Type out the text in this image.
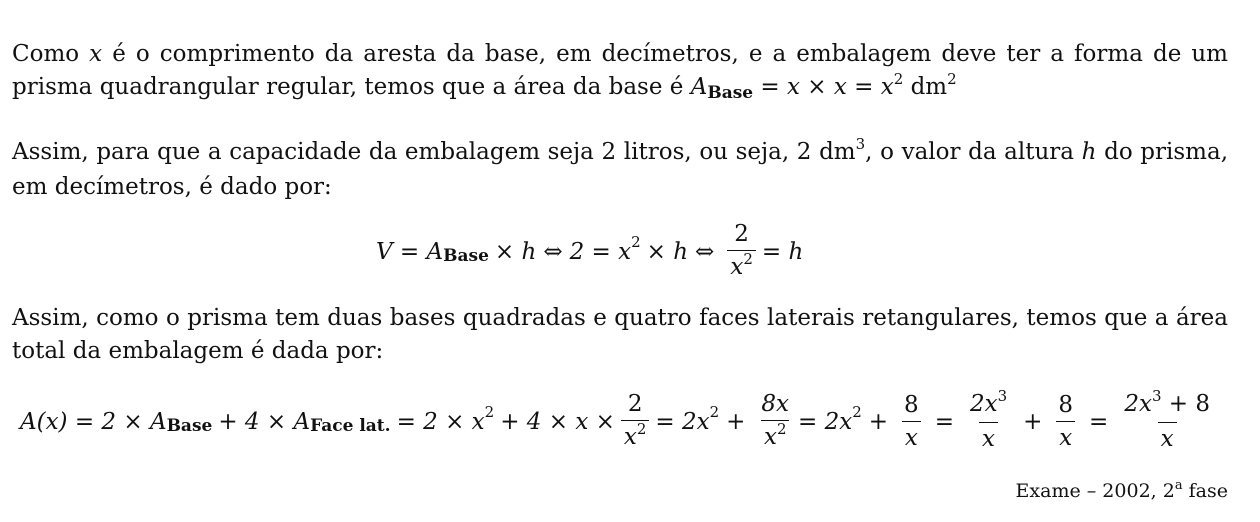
Como x é o comprimento da aresta da base, em decímetros, e a embalagem deve ter a forma de um prisma quadrangular regular, temos que a área da base é $A_{Base} = x \times x = x^2$ $dm^2$

Assim, para que a capacidade da embalagem seja 2 litros, ou seja, 2 $dm^3$, o valor da altura h do prisma, em decímetros, é dado por:

$V = A_{Base} \times h$ ⇔ $2 = x^2 \times h$ ⇔ $\frac{2}{x^2} = h$

Assim, como o prisma tem duas bases quadradas e quatro faces laterais retangulares, temos que a área total da embalagem é dada por:

$A(x) = 2 \times A_{Base} + 4 \times A_{Face lat.} = 2 \times x^2 + 4 \times x \times \frac{2}{x^2} = 2x^2 + \frac{8x}{x^2} = 2x^2 + \frac{8}{x} = \frac{2x^3}{x} + \frac{8}{x} = \frac{2x^3 + 8}{x}$
Exame – 2002, 2$^a$ fase
